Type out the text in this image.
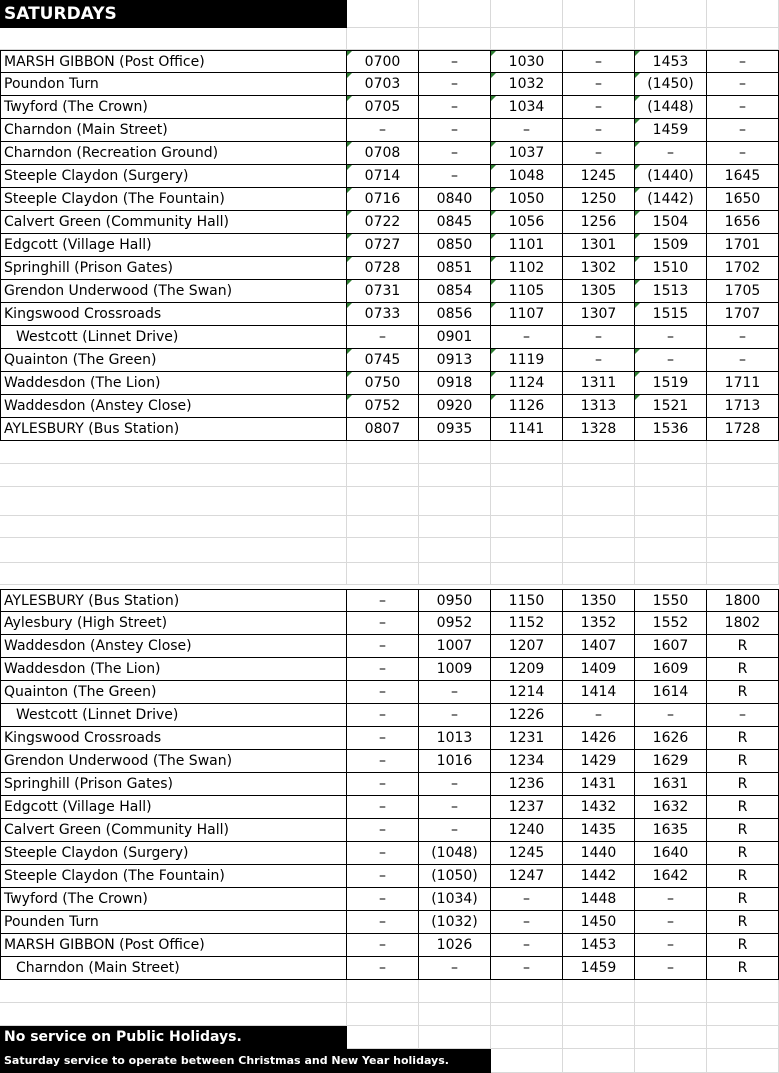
MARSH GIBBON (Post Office)	0700	–	1030	–	1453	–
Poundon Turn	0703	–	1032	–	(1450)	–
Twyford (The Crown)	0705	–	1034	–	(1448)	–
Charndon (Main Street)	–	–	–	–	1459	–
Charndon (Recreation Ground)	0708	–	1037	–	–	–
Steeple Claydon (Surgery)	0714	–	1048	1245	(1440)	1645
Steeple Claydon (The Fountain)	0716	0840	1050	1250	(1442)	1650
Calvert Green (Community Hall)	0722	0845	1056	1256	1504	1656
Edgcott (Village Hall)	0727	0850	1101	1301	1509	1701
Springhill (Prison Gates)	0728	0851	1102	1302	1510	1702
Grendon Underwood (The Swan)	0731	0854	1105	1305	1513	1705
Kingswood Crossroads	0733	0856	1107	1307	1515	1707
Westcott (Linnet Drive)	–	0901	–	–	–	–
Quainton (The Green)	0745	0913	1119	–	–	–
Waddesdon (The Lion)	0750	0918	1124	1311	1519	1711
Waddesdon (Anstey Close)	0752	0920	1126	1313	1521	1713
AYLESBURY (Bus Station)	0807	0935	1141	1328	1536	1728
AYLESBURY (Bus Station)	–	0950	1150	1350	1550	1800
Aylesbury (High Street)	–	0952	1152	1352	1552	1802
Waddesdon (Anstey Close)	–	1007	1207	1407	1607	R
Waddesdon (The Lion)	–	1009	1209	1409	1609	R
Quainton (The Green)	–	–	1214	1414	1614	R
Westcott (Linnet Drive)	–	–	1226	–	–	–
Kingswood Crossroads	–	1013	1231	1426	1626	R
Grendon Underwood (The Swan)	–	1016	1234	1429	1629	R
Springhill (Prison Gates)	–	–	1236	1431	1631	R
Edgcott (Village Hall)	–	–	1237	1432	1632	R
Calvert Green (Community Hall)	–	–	1240	1435	1635	R
Steeple Claydon (Surgery)	–	(1048)	1245	1440	1640	R
Steeple Claydon (The Fountain)	–	(1050)	1247	1442	1642	R
Twyford (The Crown)	–	(1034)	–	1448	–	R
Pounden Turn	–	(1032)	–	1450	–	R
MARSH GIBBON (Post Office)	–	1026	–	1453	–	R
Charndon (Main Street)	–	–	–	1459	–	R
SATURDAYS
No service on Public Holidays.
Saturday service to operate between Christmas and New Year holidays.
